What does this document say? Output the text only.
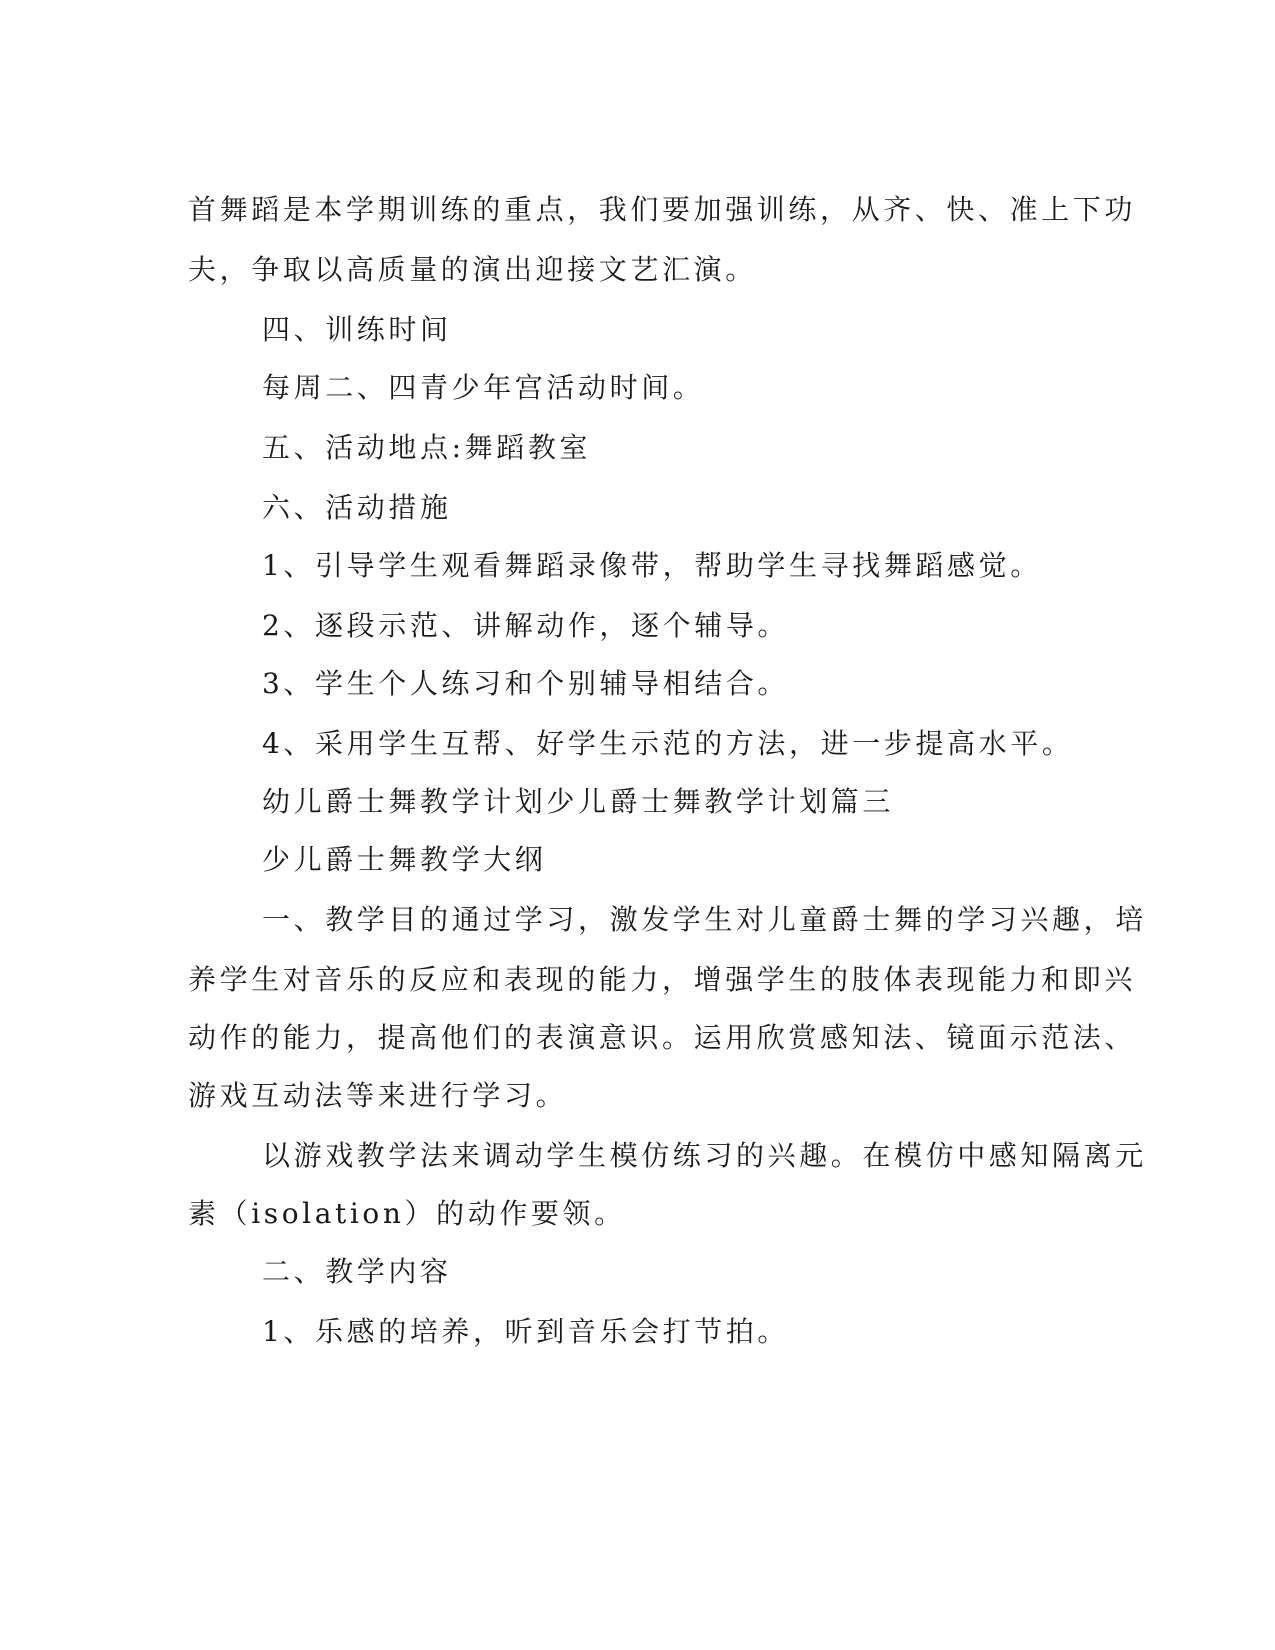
首舞蹈是本学期训练的重点，我们要加强训练，从齐、快、准上下功

夫，争取以高质量的演出迎接文艺汇演。

四、训练时间

每周二、四青少年宫活动时间。

五、活动地点:舞蹈教室

六、活动措施

1、引导学生观看舞蹈录像带，帮助学生寻找舞蹈感觉。

2、逐段示范、讲解动作，逐个辅导。

3、学生个人练习和个别辅导相结合。

4、采用学生互帮、好学生示范的方法，进一步提高水平。

幼儿爵士舞教学计划少儿爵士舞教学计划篇三

少儿爵士舞教学大纲

一、教学目的通过学习，激发学生对儿童爵士舞的学习兴趣，培

养学生对音乐的反应和表现的能力，增强学生的肢体表现能力和即兴

动作的能力，提高他们的表演意识。运用欣赏感知法、镜面示范法、

游戏互动法等来进行学习。

以游戏教学法来调动学生模仿练习的兴趣。在模仿中感知隔离元

素（isolation）的动作要领。

二、教学内容

1、乐感的培养，听到音乐会打节拍。
